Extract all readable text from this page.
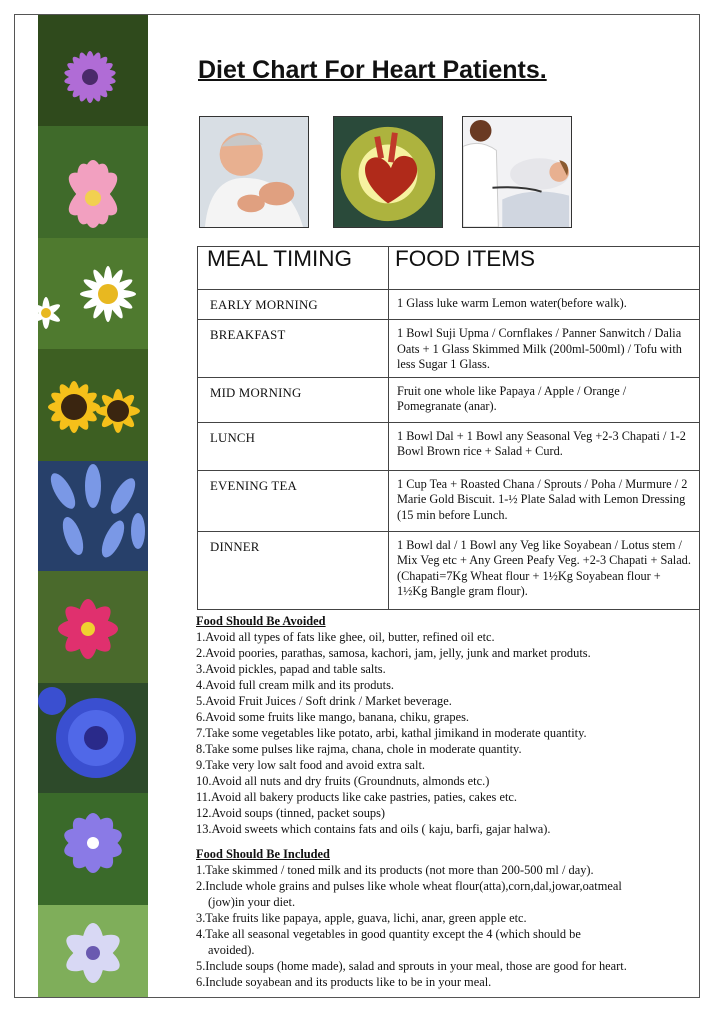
Diet Chart For Heart Patients.
MEAL TIMING	FOOD ITEMS
EARLY MORNING	1 Glass luke warm Lemon water(before walk).
BREAKFAST	1 Bowl Suji Upma / Cornflakes / Panner Sanwitch / Dalia Oats + 1 Glass Skimmed Milk (200ml-500ml) / Tofu with less Sugar 1 Glass.
MID MORNING	Fruit one whole like Papaya / Apple / Orange / Pomegranate (anar).
LUNCH	1 Bowl Dal + 1 Bowl any Seasonal Veg +2-3 Chapati / 1-2 Bowl Brown rice + Salad + Curd.
EVENING TEA	1 Cup Tea + Roasted Chana / Sprouts / Poha / Murmure / 2 Marie Gold Biscuit. 1-½ Plate Salad with Lemon Dressing (15 min before Lunch.
DINNER	1 Bowl dal / 1 Bowl any Veg like Soyabean / Lotus stem / Mix Veg etc + Any Green Peafy Veg. +2-3 Chapati + Salad. (Chapati=7Kg Wheat flour + 1½Kg Soyabean flour + 1½Kg Bangle gram flour).
Food Should Be Avoided
1.Avoid all types of fats like ghee, oil, butter, refined oil etc.
2.Avoid poories, parathas, samosa, kachori, jam, jelly, junk and market produts.
3.Avoid pickles, papad and table salts.
4.Avoid full cream milk and its produts.
5.Avoid Fruit Juices / Soft drink / Market beverage.
6.Avoid some fruits like mango, banana, chiku, grapes.
7.Take some vegetables like potato, arbi, kathal jimikand in moderate quantity.
8.Take some pulses like rajma, chana, chole in moderate quantity.
9.Take very low salt food and avoid extra salt.
10.Avoid all nuts and dry fruits (Groundnuts, almonds etc.)
11.Avoid all bakery products like cake pastries, paties, cakes etc.
12.Avoid soups (tinned, packet soups)
13.Avoid sweets which contains fats and oils ( kaju, barfi, gajar halwa).
Food Should Be Included
1.Take skimmed / toned milk and its products (not more than 200-500 ml / day).
2.Include whole grains and pulses like whole wheat flour(atta),corn,dal,jowar,oatmeal
(jow)in your diet.
3.Take fruits like papaya, apple, guava, lichi, anar, green apple etc.
4.Take all seasonal vegetables in good quantity except the 4 (which should be
avoided).
5.Include soups (home made), salad and sprouts in your meal, those are good for heart.
6.Include soyabean and its products like to be in your meal.
